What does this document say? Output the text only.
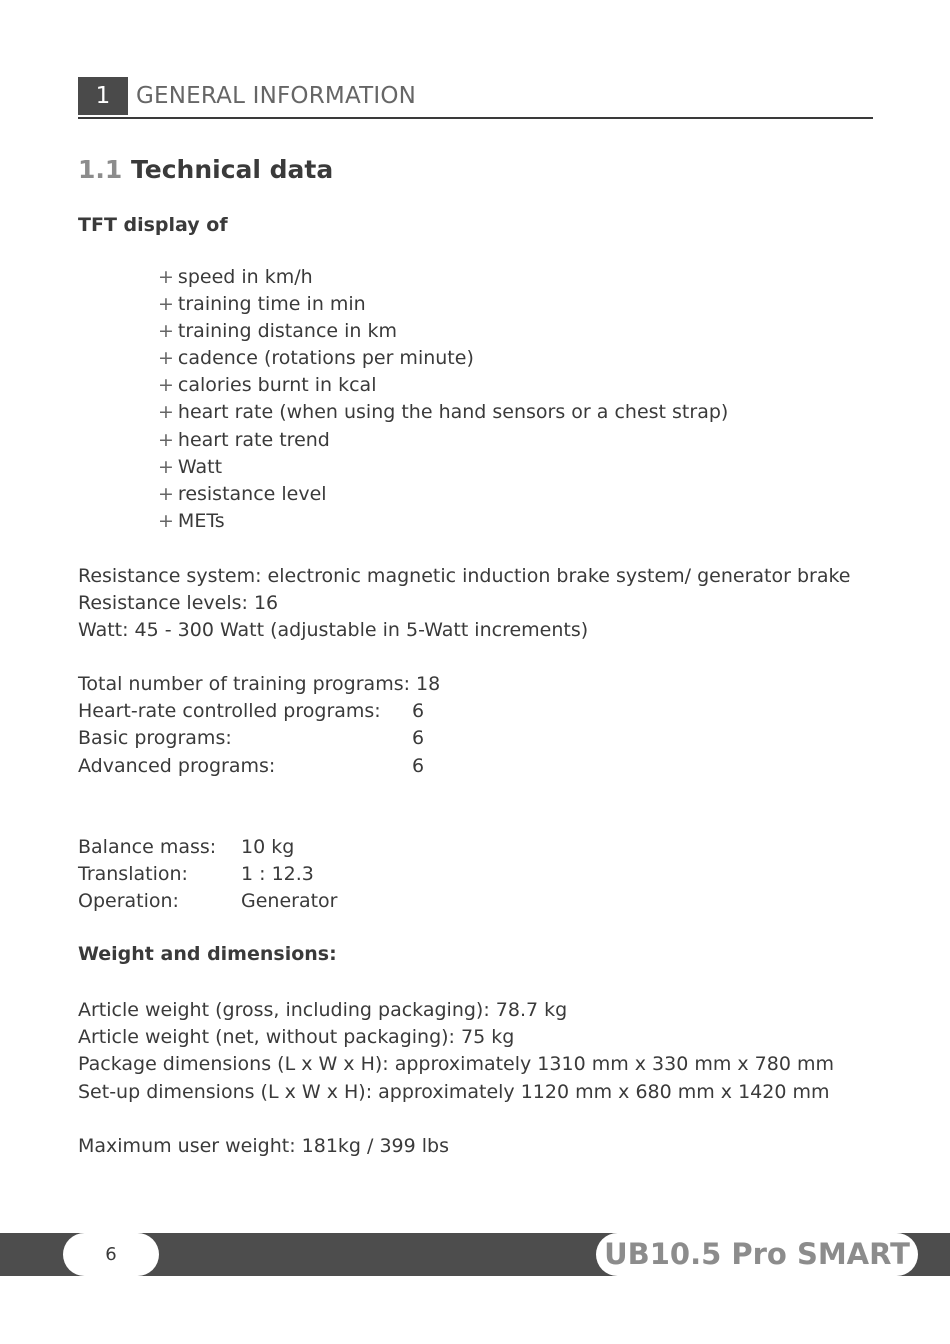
1	GENERAL INFORMATION
1.1 Technical data
TFT display of
+ speed in km/h
+ training time in min
+ training distance in km
+ cadence (rotations per minute)
+ calories burnt in kcal
+ heart rate (when using the hand sensors or a chest strap)
+ heart rate trend
+ Watt
+ resistance level
+ METs
Resistance system: electronic magnetic induction brake system/ generator brake
Resistance levels: 16
Watt: 45 - 300 Watt (adjustable in 5-Watt increments)
Total number of training programs: 18
Heart-rate controlled programs:	6
Basic programs:	6
Advanced programs:	6
Balance mass:	10 kg
Translation:	1 : 12.3
Operation:	Generator
Weight and dimensions:
Article weight (gross, including packaging): 78.7 kg
Article weight (net, without packaging): 75 kg
Package dimensions (L x W x H): approximately 1310 mm x 330 mm x 780 mm
Set-up dimensions (L x W x H): approximately 1120 mm x 680 mm x 1420 mm
Maximum user weight: 181kg / 399 lbs
6	UB10.5 Pro SMART
